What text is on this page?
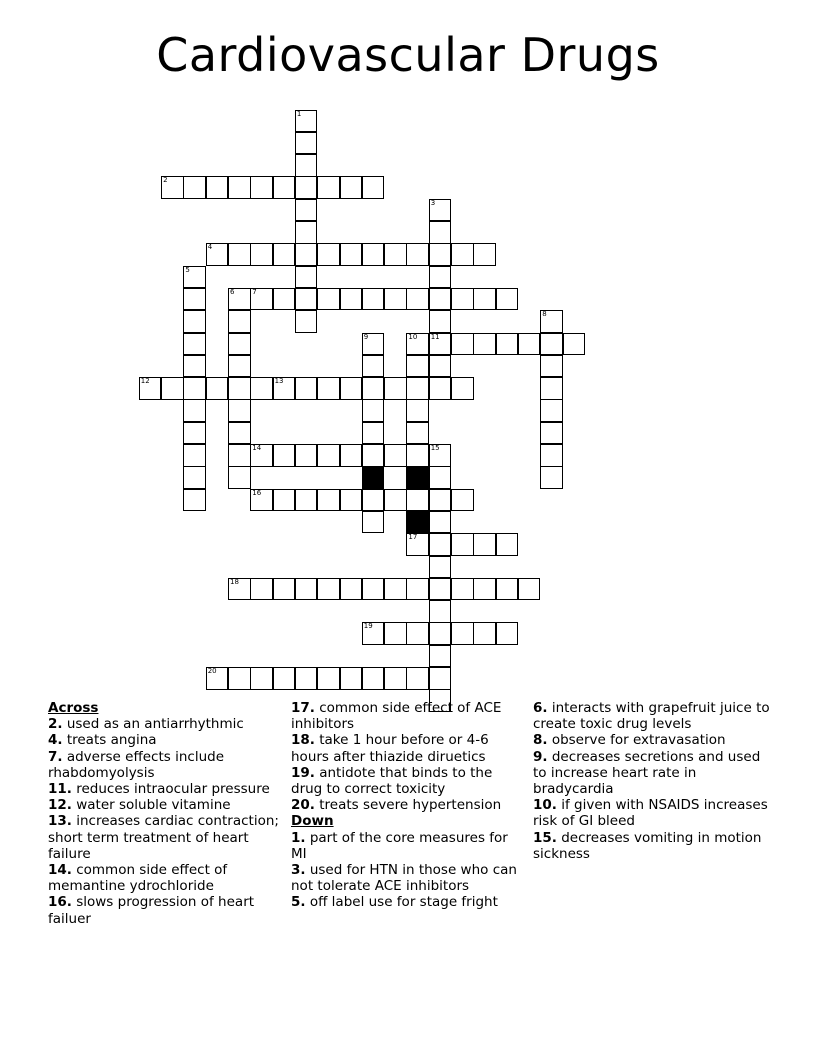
Cardiovascular Drugs
1
2
3
11
4
5
6	7
8
9	10
12	13
14	15
16
17
18
19
20
Across
2. used as an antiarrhythmic
4. treats angina
7. adverse effects include rhabdomyolysis
11. reduces intraocular pressure
12. water soluble vitamine
13. increases cardiac contraction; short term treatment of heart failure
14. common side effect of memantine ydrochloride
16. slows progression of heart failuer
17. common side effect of ACE inhibitors
18. take 1 hour before or 4-6 hours after thiazide diruetics
19. antidote that binds to the drug to correct toxicity
20. treats severe hypertension
Down
1. part of the core measures for MI
3. used for HTN in those who can not tolerate ACE inhibitors
5. off label use for stage fright
6. interacts with grapefruit juice to create toxic drug levels
8. observe for extravasation
9. decreases secretions and used to increase heart rate in bradycardia
10. if given with NSAIDS increases risk of GI bleed
15. decreases vomiting in motion sickness
